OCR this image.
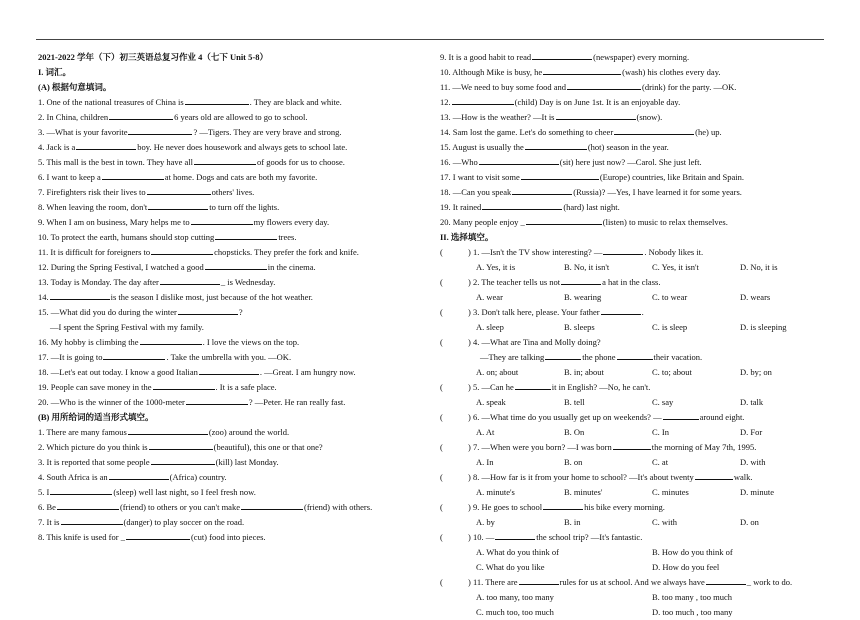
2021-2022 学年（下）初三英语总复习作业 4（七下 Unit 5-8）
I. 词汇。
(A) 根据句意填词。
1. One of the national treasures of China is	. They are black and white.
2. In China, children	6 years old are allowed to go to school.
3. —What is your favorite	? —Tigers. They are very brave and strong.
4. Jack is a	boy. He never does housework and always gets to school late.
5. This mall is the best in town. They have all	of goods for us to choose.
6. I want to keep a	at home. Dogs and cats are both my favorite.
7. Firefighters risk their lives to	others' lives.
8. When leaving the room, don't	to turn off the lights.
9. When I am on business, Mary helps me to	my flowers every day.
10. To protect the earth, humans should stop cutting	trees.
11. It is difficult for foreigners to	chopsticks. They prefer the fork and knife.
12. During the Spring Festival, I watched a good	in the cinema.
13. Today is Monday. The day after	_ is Wednesday.
14.	is the season I dislike most, just because of the hot weather.
15. —What did you do during the winter	?
—I spent the Spring Festival with my family.
16. My hobby is climbing the	. I love the views on the top.
17. —It is going to	. Take the umbrella with you. —OK.
18. —Let's eat out today. I know a good Italian	. —Great. I am hungry now.
19. People can save money in the	. It is a safe place.
20. —Who is the winner of the 1000-meter	? —Peter. He ran really fast.
(B) 用所给词的适当形式填空。
1. There are many famous	(zoo) around the world.
2. Which picture do you think is	(beautiful), this one or that one?
3. It is reported that some people	(kill) last Monday.
4. South Africa is an	(Africa) country.
5. I	(sleep) well last night, so I feel fresh now.
6. Be	(friend) to others or you can't make	(friend) with others.
7. It is	(danger) to play soccer on the road.
8. This knife is used for _	(cut) food into pieces.
9. It is a good habit to read	(newspaper) every morning.
10. Although Mike is busy, he	(wash) his clothes every day.
11. —We need to buy some food and	(drink) for the party. —OK.
12.	(child) Day is on June 1st. It is an enjoyable day.
13. —How is the weather? —It is	(snow).
14. Sam lost the game. Let's do something to cheer	(he) up.
15. August is usually the	(hot) season in the year.
16. —Who	(sit) here just now? —Carol. She just left.
17. I want to visit some	(Europe) countries, like Britain and Spain.
18. —Can you speak	(Russia)? —Yes, I have learned it for some years.
19. It rained	(hard) last night.
20. Many people enjoy _	(listen) to music to relax themselves.
II. 选择填空。
(	) 1. —Isn't the TV show interesting? —	. Nobody likes it.
A. Yes, it is	B. No, it isn't	C. Yes, it isn't	D. No, it is
(	) 2. The teacher tells us not	a hat in the class.
A. wear	B. wearing	C. to wear	D. wears
(	) 3. Don't talk here, please. Your father	.
A. sleep	B. sleeps	C. is sleep	D. is sleeping
(	) 4. —What are Tina and Molly doing?
—They are talking	the phone	their vacation.
A. on; about	B. in; about	C. to; about	D. by; on
(	) 5. —Can he	it in English? —No, he can't.
A. speak	B. tell	C. say	D. talk
(	) 6. —What time do you usually get up on weekends? —	around eight.
A. At	B. On	C. In	D. For
(	) 7. —When were you born? —I was born	the morning of May 7th, 1995.
A. In	B. on	C. at	D. with
(	) 8. —How far is it from your home to school? —It's about twenty	walk.
A. minute's	B. minutes'	C. minutes	D. minute
(	) 9. He goes to school	his bike every morning.
A. by	B. in	C. with	D. on
(	) 10. —	the school trip? —It's fantastic.
A. What do you think of	B. How do you think of
C. What do you like	D. How do you feel
(	) 11. There are	rules for us at school. And we always have	_ work to do.
A. too many, too many	B. too many , too much
C. much too, too much	D. too much , too many
